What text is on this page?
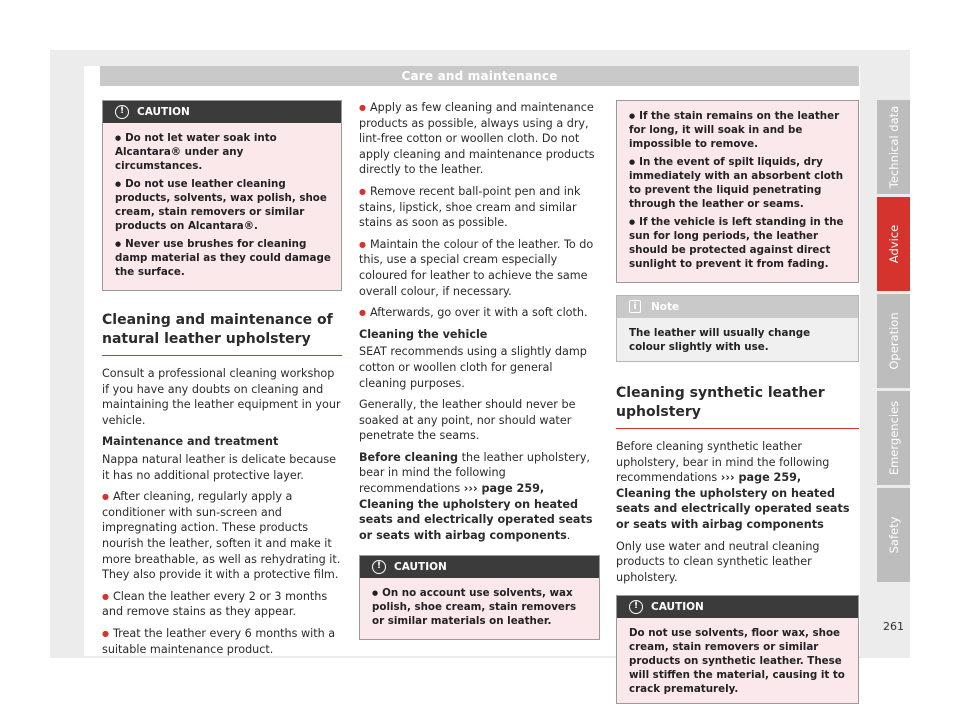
Care and maintenance
!	CAUTION

● Do not let water soak into Alcantara® under any circumstances.

● Do not use leather cleaning products, solvents, wax polish, shoe cream, stain removers or similar products on Alcantara®.

● Never use brushes for cleaning damp material as they could damage the surface.

Cleaning and maintenance of natural leather upholstery

Consult a professional cleaning workshop if you have any doubts on cleaning and maintaining the leather equipment in your vehicle.

Maintenance and treatment

Nappa natural leather is delicate because it has no additional protective layer.

● After cleaning, regularly apply a conditioner with sun-screen and impregnating action. These products nourish the leather, soften it and make it more breathable, as well as rehydrating it. They also provide it with a protective film.

● Clean the leather every 2 or 3 months and remove stains as they appear.

● Treat the leather every 6 months with a suitable maintenance product.

● Apply as few cleaning and maintenance products as possible, always using a dry, lint-free cotton or woollen cloth. Do not apply cleaning and maintenance products directly to the leather.

● Remove recent ball-point pen and ink stains, lipstick, shoe cream and similar stains as soon as possible.

● Maintain the colour of the leather. To do this, use a special cream especially coloured for leather to achieve the same overall colour, if necessary.

● Afterwards, go over it with a soft cloth.

Cleaning the vehicle

SEAT recommends using a slightly damp cotton or woollen cloth for general cleaning purposes.

Generally, the leather should never be soaked at any point, nor should water penetrate the seams.

Before cleaning the leather upholstery, bear in mind the following recommendations ››› page 259, Cleaning the upholstery on heated seats and electrically operated seats or seats with airbag components.

!	CAUTION

● On no account use solvents, wax polish, shoe cream, stain removers or similar materials on leather.

● If the stain remains on the leather for long, it will soak in and be impossible to remove.

● In the event of spilt liquids, dry immediately with an absorbent cloth to prevent the liquid penetrating through the leather or seams.

● If the vehicle is left standing in the sun for long periods, the leather should be protected against direct sunlight to prevent it from fading.

i	Note
The leather will usually change colour slightly with use.
Cleaning synthetic leather upholstery

Before cleaning synthetic leather upholstery, bear in mind the following recommendations ››› page 259, Cleaning the upholstery on heated seats and electrically operated seats or seats with airbag components

Only use water and neutral cleaning products to clean synthetic leather upholstery.

!	CAUTION
Do not use solvents, floor wax, shoe cream, stain removers or similar products on synthetic leather. These will stiffen the material, causing it to crack prematurely.
Technical data
Advice
Operation
Emergencies
Safety
261
